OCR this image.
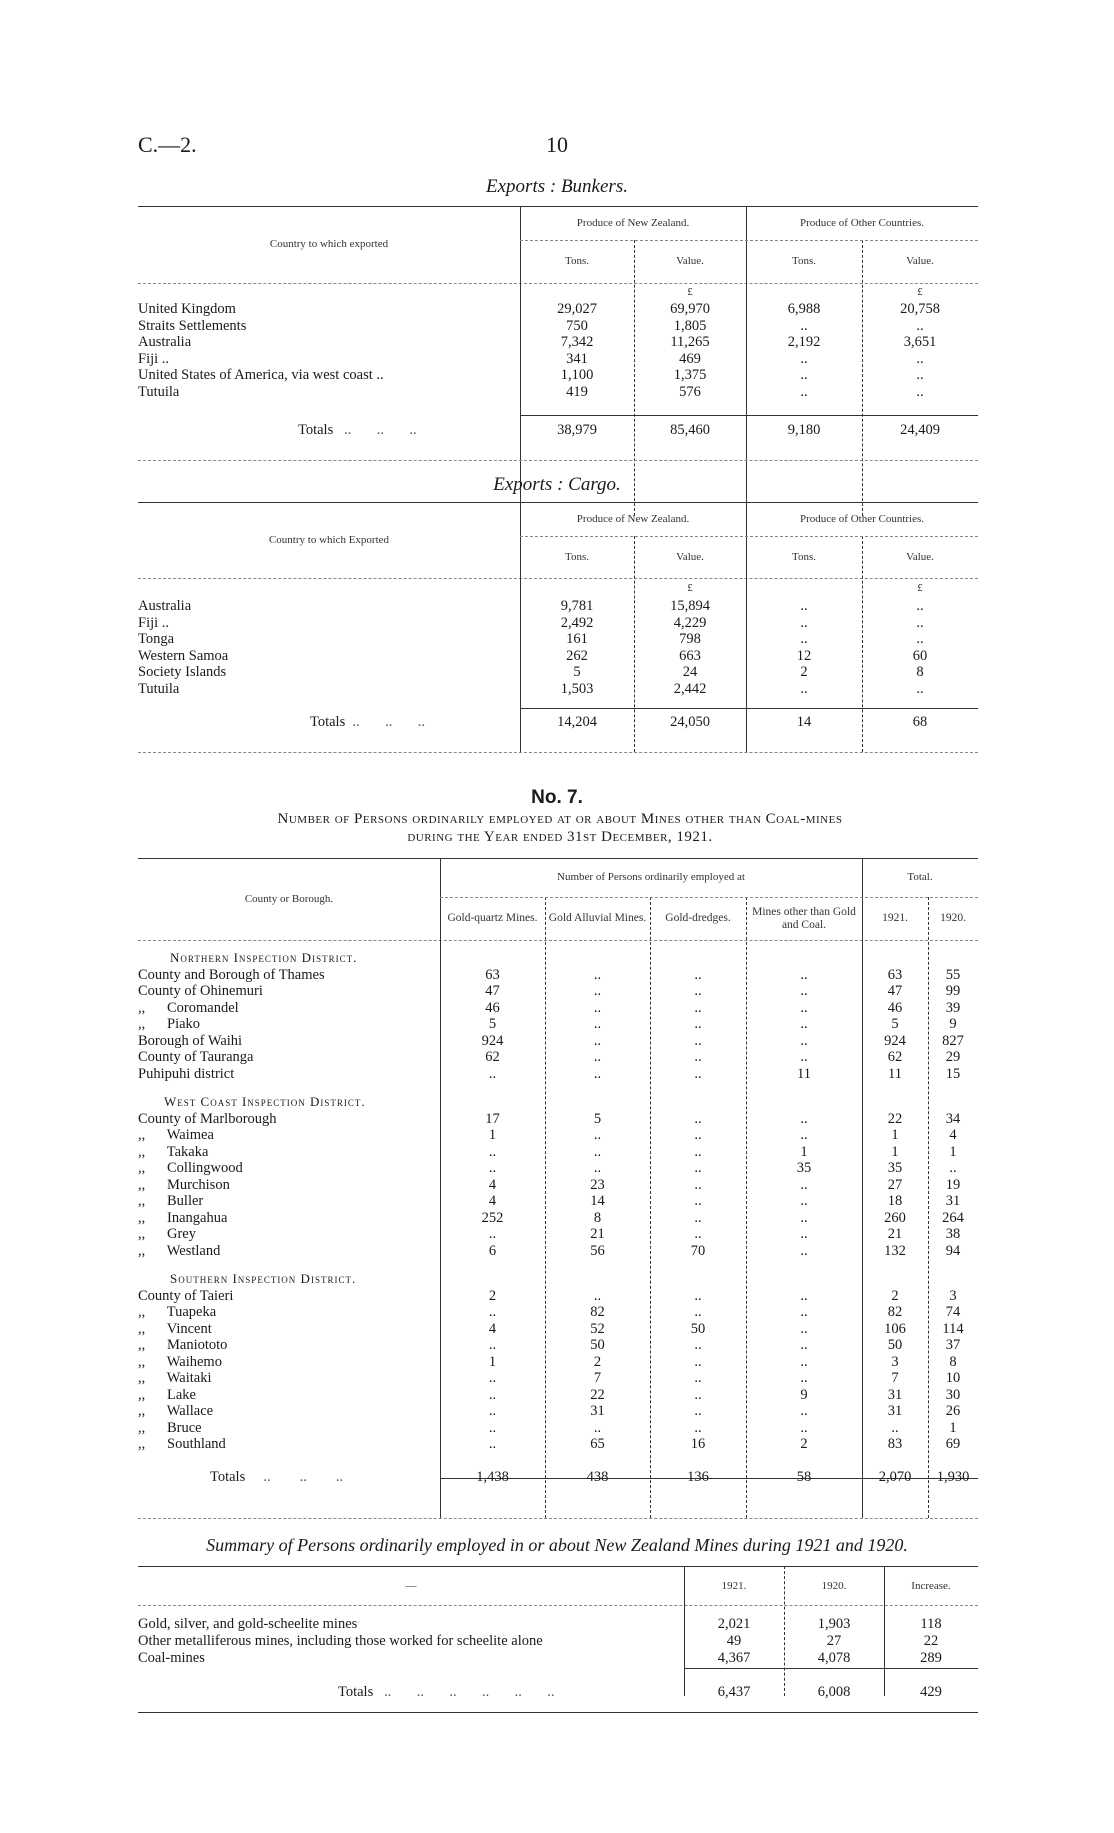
C.—2.	10
Exports : Bunkers.
Country to which exported	Produce of New Zealand.		Produce of Other Countries.	
	Tons.	Value.	Tons.	Value.
		£		£
United Kingdom	29,027	69,970	6,988	20,758
Straits Settlements	750	1,805	..	..
Australia	7,342	11,265	2,192	3,651
Fiji ..	341	469	..	..
United States of America, via west coast ..	1,100	1,375	..	..
Tutuila	419	576	..	..

Totals   ..       ..       ..	38,979	85,460	9,180	24,409
Exports : Cargo.
Country to which Exported	Produce of New Zealand.		Produce of Other Countries.	
	Tons.	Value.	Tons.	Value.
		£		£
Australia	9,781	15,894	..	..
Fiji ..	2,492	4,229	..	..
Tonga	161	798	..	..
Western Samoa	262	663	12	60
Society Islands	5	24	2	8
Tutuila	1,503	2,442	..	..

Totals  ..       ..       ..	14,204	24,050	14	68
No. 7.
Number of Persons ordinarily employed at or about Mines other than Coal-mines
during the Year ended 31st December, 1921.
County or Borough.	Number of Persons ordinarily employed at				Total.	
	Gold-quartz Mines.	Gold Alluvial Mines.	Gold-dredges.	Mines other than Gold and Coal.	1921.	1920.

Northern Inspection District.						
County and Borough of Thames	63	..	..	..	63	55
County of Ohinemuri	47	..	..	..	47	99
,,      Coromandel	46	..	..	..	46	39
,,      Piako	5	..	..	..	5	9
Borough of Waihi	924	..	..	..	924	827
County of Tauranga	62	..	..	..	62	29
Puhipuhi district	..	..	..	11	11	15

West Coast Inspection District.						
County of Marlborough	17	5	..	..	22	34
,,      Waimea	1	..	..	..	1	4
,,      Takaka	..	..	..	1	1	1
,,      Collingwood	..	..	..	35	35	..
,,      Murchison	4	23	..	..	27	19
,,      Buller	4	14	..	..	18	31
,,      Inangahua	252	8	..	..	260	264
,,      Grey	..	21	..	..	21	38
,,      Westland	6	56	70	..	132	94

Southern Inspection District.						
County of Taieri	2	..	..	..	2	3
,,      Tuapeka	..	82	..	..	82	74
,,      Vincent	4	52	50	..	106	114
,,      Maniototo	..	50	..	..	50	37
,,      Waihemo	1	2	..	..	3	8
,,      Waitaki	..	7	..	..	7	10
,,      Lake	..	22	..	9	31	30
,,      Wallace	..	31	..	..	31	26
,,      Bruce	..	..	..	..	..	1
,,      Southland	..	65	16	2	83	69

Totals     ..        ..        ..	1,438	438	136	58	2,070	1,930
Summary of Persons ordinarily employed in or about New Zealand Mines during 1921 and 1920.
—	1921.	1920.	Increase.

Gold, silver, and gold-scheelite mines	2,021	1,903	118
Other metalliferous mines, including those worked for scheelite alone	49	27	22
Coal-mines	4,367	4,078	289

Totals   ..       ..       ..       ..       ..       ..	6,437	6,008	429
